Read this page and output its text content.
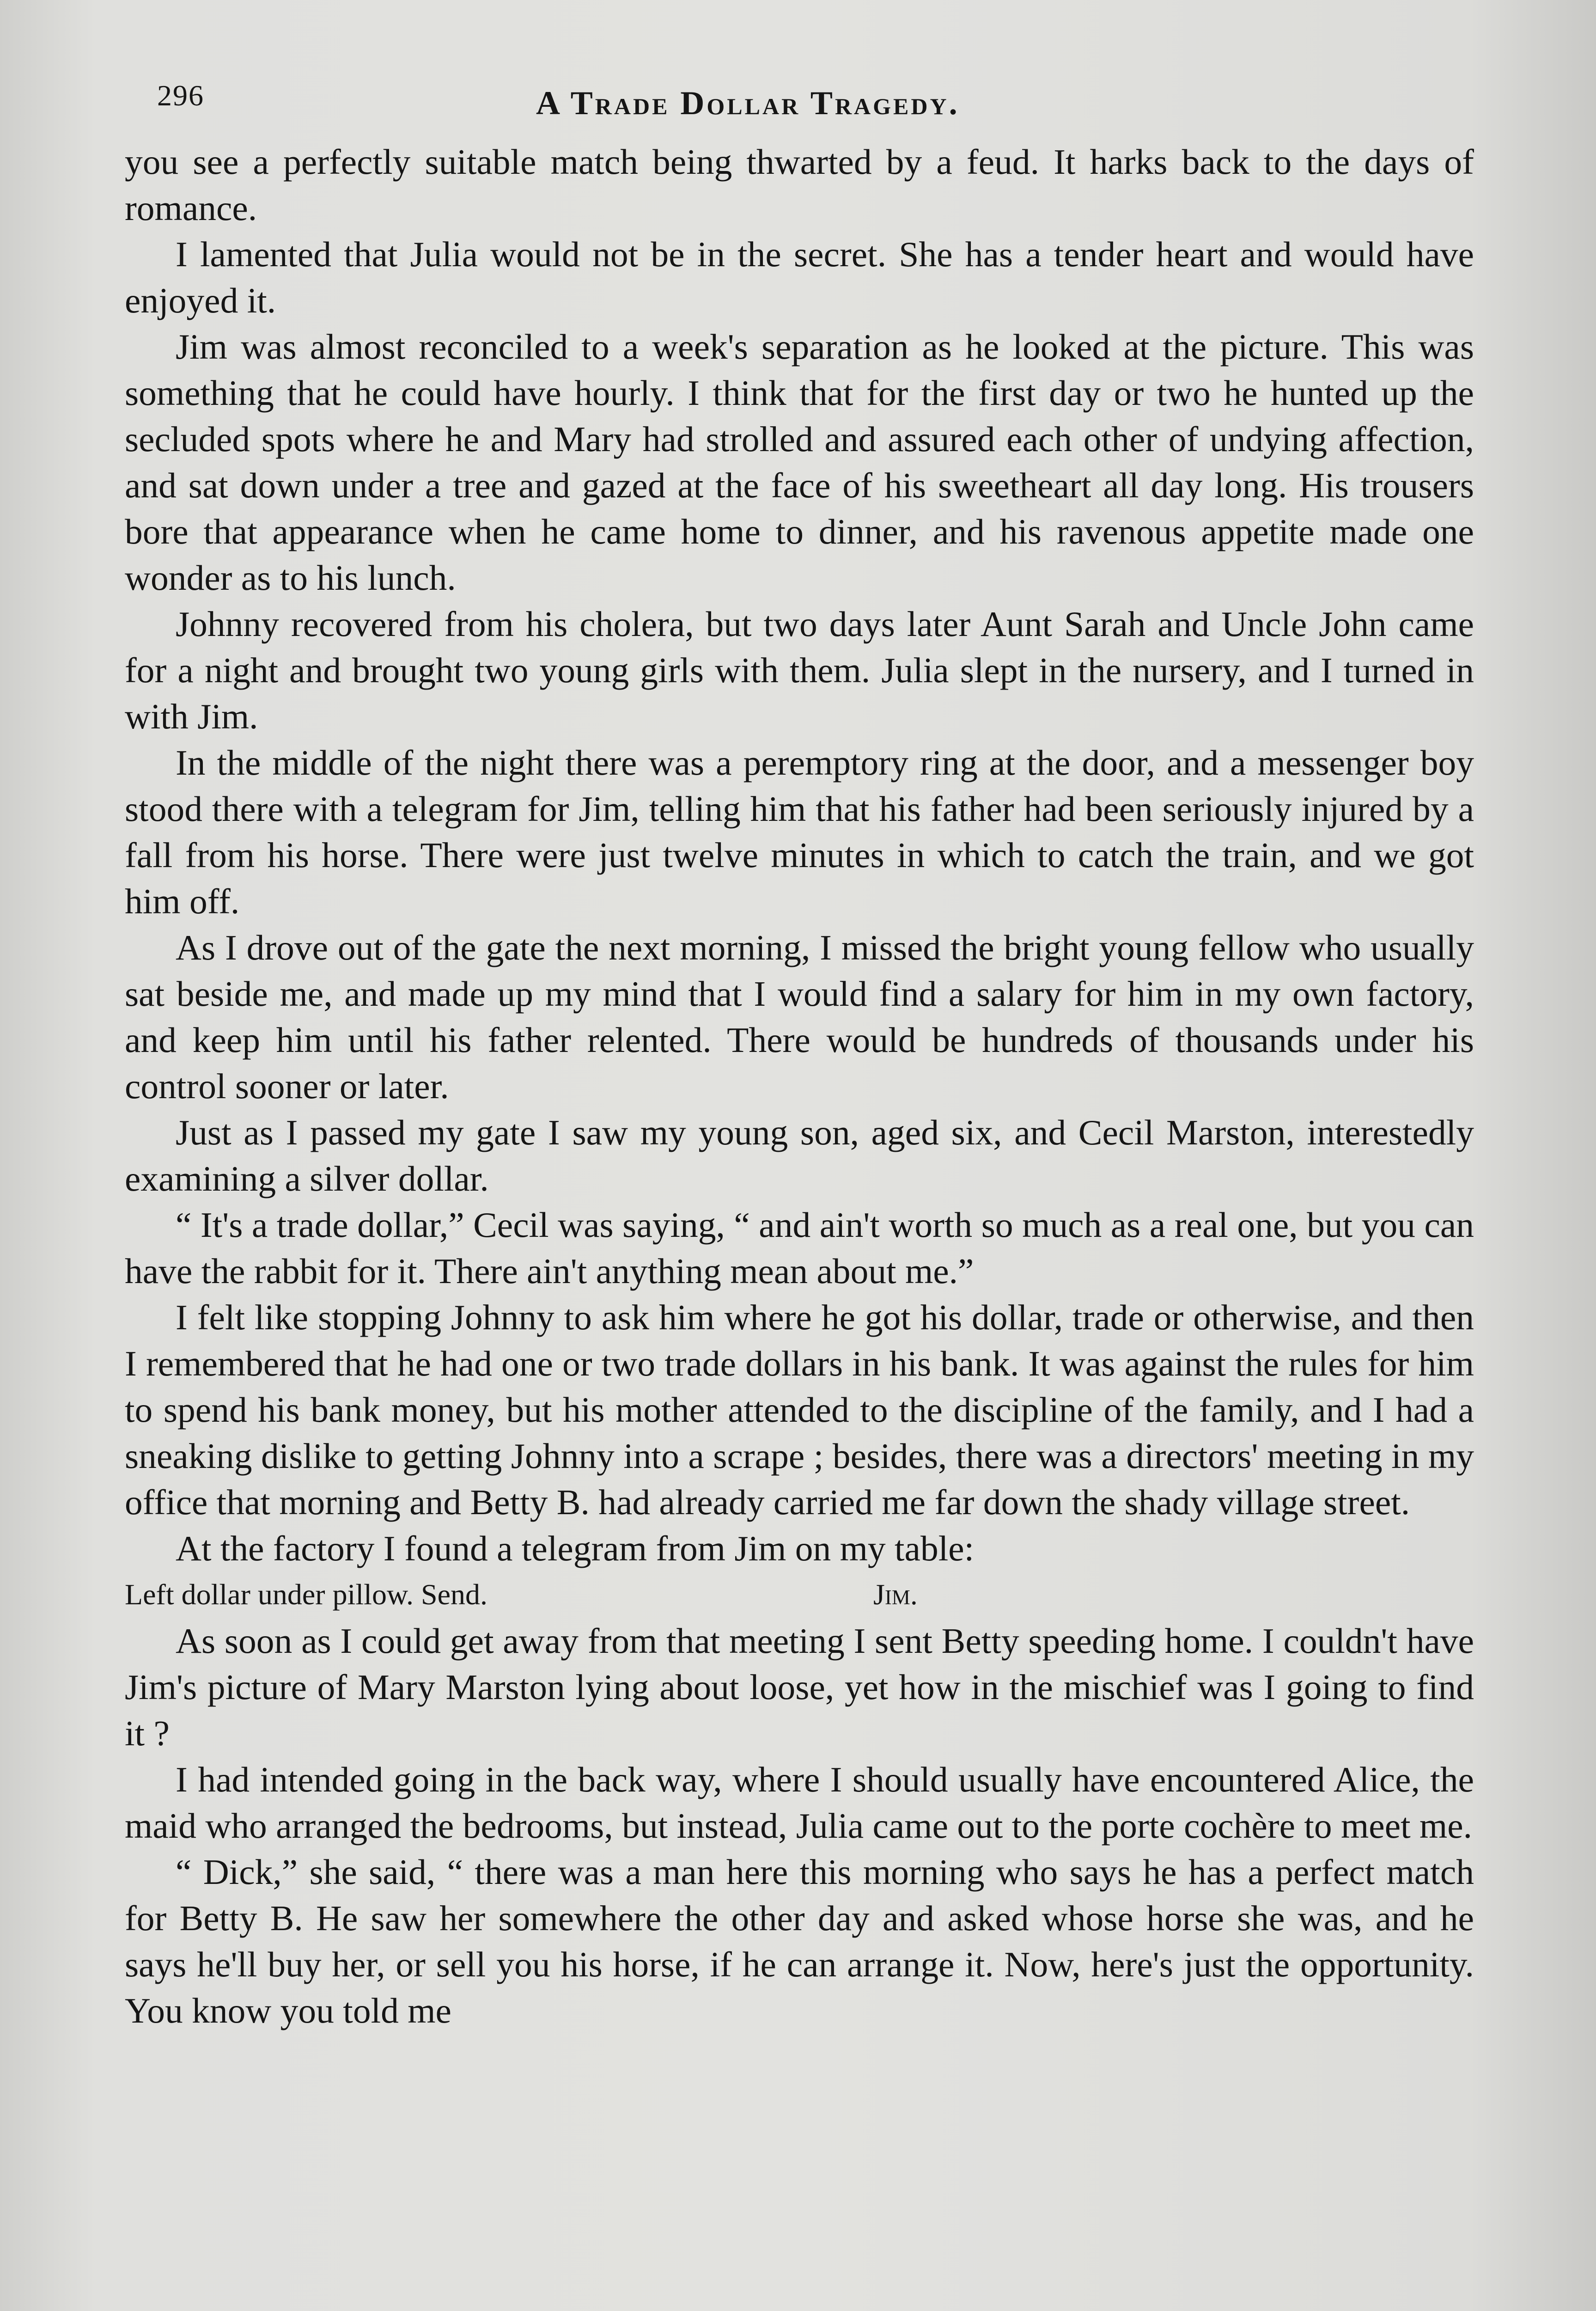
296	A Trade Dollar Tragedy.

you see a perfectly suitable match being thwarted by a feud. It harks back to the days of romance.

I lamented that Julia would not be in the secret. She has a tender heart and would have enjoyed it.

Jim was almost reconciled to a week's separation as he looked at the picture. This was something that he could have hourly. I think that for the first day or two he hunted up the secluded spots where he and Mary had strolled and assured each other of undying affection, and sat down under a tree and gazed at the face of his sweetheart all day long. His trousers bore that appearance when he came home to dinner, and his ravenous appetite made one wonder as to his lunch.

Johnny recovered from his cholera, but two days later Aunt Sarah and Uncle John came for a night and brought two young girls with them. Julia slept in the nursery, and I turned in with Jim.

In the middle of the night there was a peremptory ring at the door, and a messenger boy stood there with a telegram for Jim, telling him that his father had been seriously injured by a fall from his horse. There were just twelve minutes in which to catch the train, and we got him off.

As I drove out of the gate the next morning, I missed the bright young fellow who usually sat beside me, and made up my mind that I would find a salary for him in my own factory, and keep him until his father relented. There would be hundreds of thousands under his control sooner or later.

Just as I passed my gate I saw my young son, aged six, and Cecil Marston, interestedly examining a silver dollar.

“ It's a trade dollar,” Cecil was saying, “ and ain't worth so much as a real one, but you can have the rabbit for it. There ain't anything mean about me.”

I felt like stopping Johnny to ask him where he got his dollar, trade or otherwise, and then I remembered that he had one or two trade dollars in his bank. It was against the rules for him to spend his bank money, but his mother attended to the discipline of the family, and I had a sneaking dislike to getting Johnny into a scrape ; besides, there was a directors' meeting in my office that morning and Betty B. had already carried me far down the shady village street.

At the factory I found a telegram from Jim on my table:

Left dollar under pillow. Send.	Jim.

As soon as I could get away from that meeting I sent Betty speeding home. I couldn't have Jim's picture of Mary Marston lying about loose, yet how in the mischief was I going to find it ?

I had intended going in the back way, where I should usually have encountered Alice, the maid who arranged the bedrooms, but instead, Julia came out to the porte cochère to meet me.

“ Dick,” she said, “ there was a man here this morning who says he has a perfect match for Betty B. He saw her somewhere the other day and asked whose horse she was, and he says he'll buy her, or sell you his horse, if he can arrange it. Now, here's just the opportunity. You know you told me
